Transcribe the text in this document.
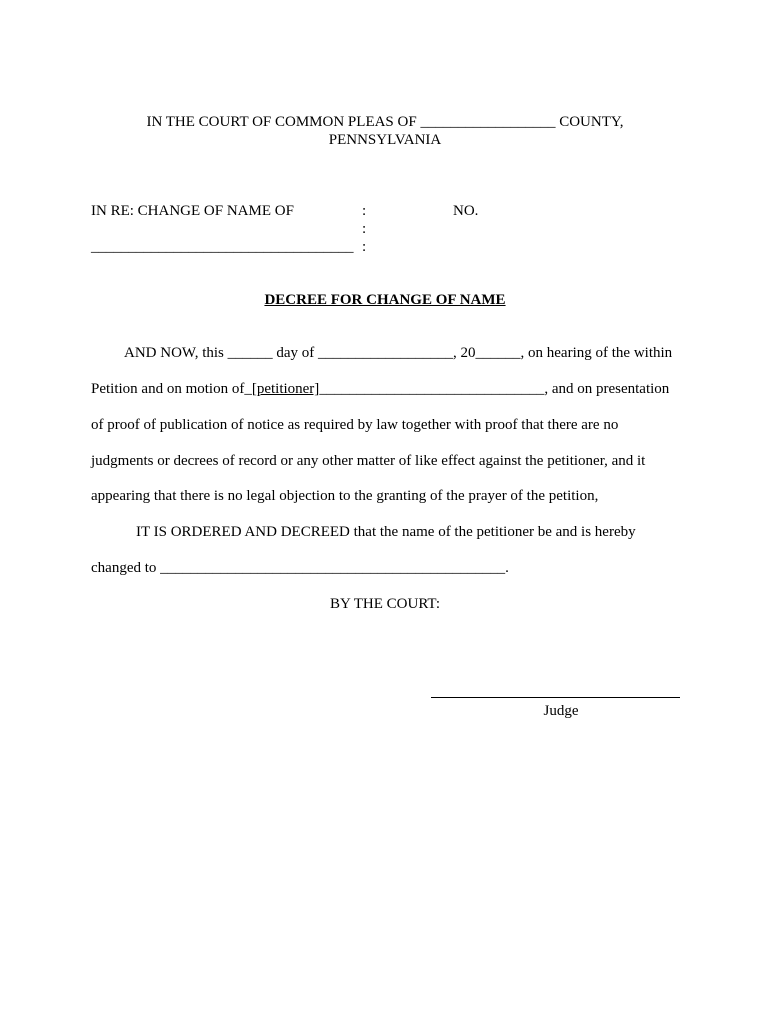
IN THE COURT OF COMMON PLEAS OF __________________ COUNTY,
PENNSYLVANIA
IN RE: CHANGE OF NAME OF	:	NO.
:
___________________________________ :
DECREE FOR CHANGE OF NAME
AND NOW, this ______ day of __________________, 20______, on hearing of the within
Petition and on motion of_[petitioner]______________________________, and on presentation
of proof of publication of notice as required by law together with proof that there are no
judgments or decrees of record or any other matter of like effect against the petitioner, and it
appearing that there is no legal objection to the granting of the prayer of the petition,
IT IS ORDERED AND DECREED that the name of the petitioner be and is hereby
changed to ______________________________________________.
BY THE COURT:
Judge
